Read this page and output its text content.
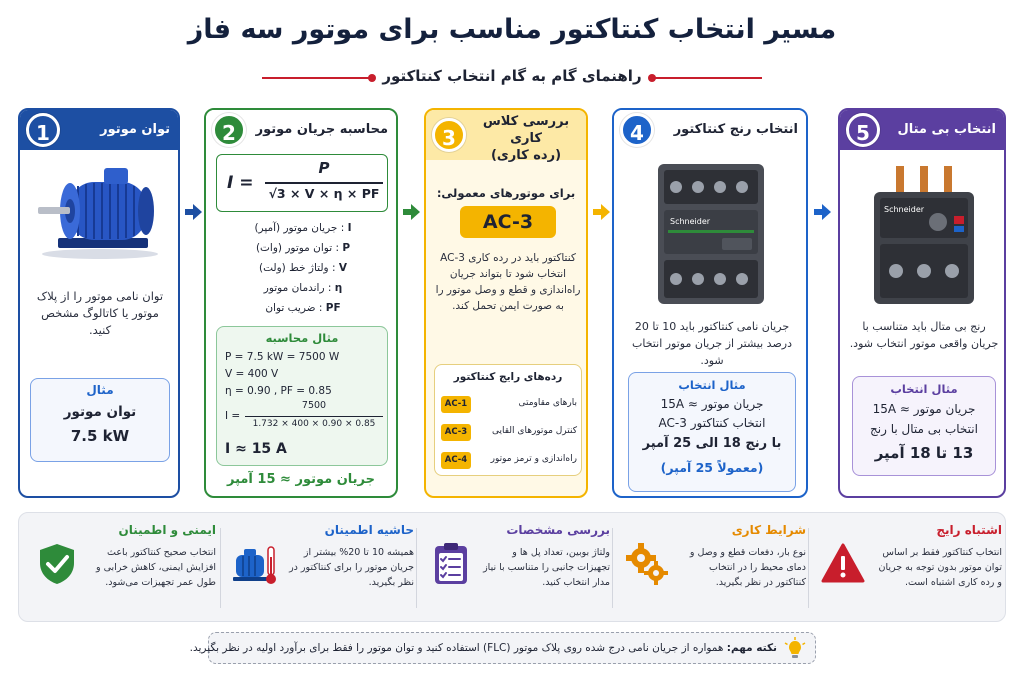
مسیر انتخاب کنتاکتور مناسب برای موتور سه فاز
راهنمای گام به گام انتخاب کنتاکتور
1	توان موتور
توان نامی موتور را از پلاک موتور یا کاتالوگ مشخص کنید.
مثال
توان موتور
7.5 kW
2	محاسبه جریان موتور
I =
P
√3 × V × η × PF
I : جریان موتور (آمپر)
P : توان موتور (وات)
V : ولتاژ خط (ولت)
η : راندمان موتور
PF : ضریب توان
مثال محاسبه
P = 7.5 kW = 7500 W
V = 400 V
η = 0.90 , PF = 0.85
I =
7500
1.732 × 400 × 0.90 × 0.85
I ≈ 15 A
جریان موتور ≈ 15 آمپر
3
بررسی کلاس کاری
(رده کاری)
برای موتورهای معمولی:
AC-3
کنتاکتور باید در رده کاری AC-3 انتخاب شود تا بتواند جریان راه‌اندازی و قطع و وصل موتور را به صورت ایمن تحمل کند.
رده‌های رایج کنتاکتور
AC-1	بارهای مقاومتی
AC-3	کنترل موتورهای القایی
AC-4	راه‌اندازی و ترمز موتور
4	انتخاب رنج کنتاکتور
Schneider
جریان نامی کنتاکتور باید 10 تا 20 درصد بیشتر از جریان موتور انتخاب شود.
مثال انتخاب
جریان موتور ≈ 15A
انتخاب کنتاکتور AC-3
با رنج 18 الی 25 آمپر
(معمولاً 25 آمپر)
5	انتخاب بی متال
Schneider
رنج بی متال باید متناسب با جریان واقعی موتور انتخاب شود.
مثال انتخاب
جریان موتور ≈ 15A
انتخاب بی متال با رنج
13 تا 18 آمپر
ایمنی و اطمینان
انتخاب صحیح کنتاکتور باعث افزایش ایمنی، کاهش خرابی و طول عمر تجهیزات می‌شود.
حاشیه اطمینان
همیشه 10 تا 20% بیشتر از جریان موتور را برای کنتاکتور در نظر بگیرید.
بررسی مشخصات
ولتاژ بوبین، تعداد پل ها و تجهیزات جانبی را متناسب با نیاز مدار انتخاب کنید.
شرایط کاری
نوع بار، دفعات قطع و وصل و دمای محیط را در انتخاب کنتاکتور در نظر بگیرید.
اشتباه رایج
انتخاب کنتاکتور فقط بر اساس توان موتور بدون توجه به جریان و رده کاری اشتباه است.
نکته مهم: همواره از جریان نامی درج شده روی پلاک موتور (FLC) استفاده کنید و توان موتور را فقط برای برآورد اولیه در نظر بگیرید.
